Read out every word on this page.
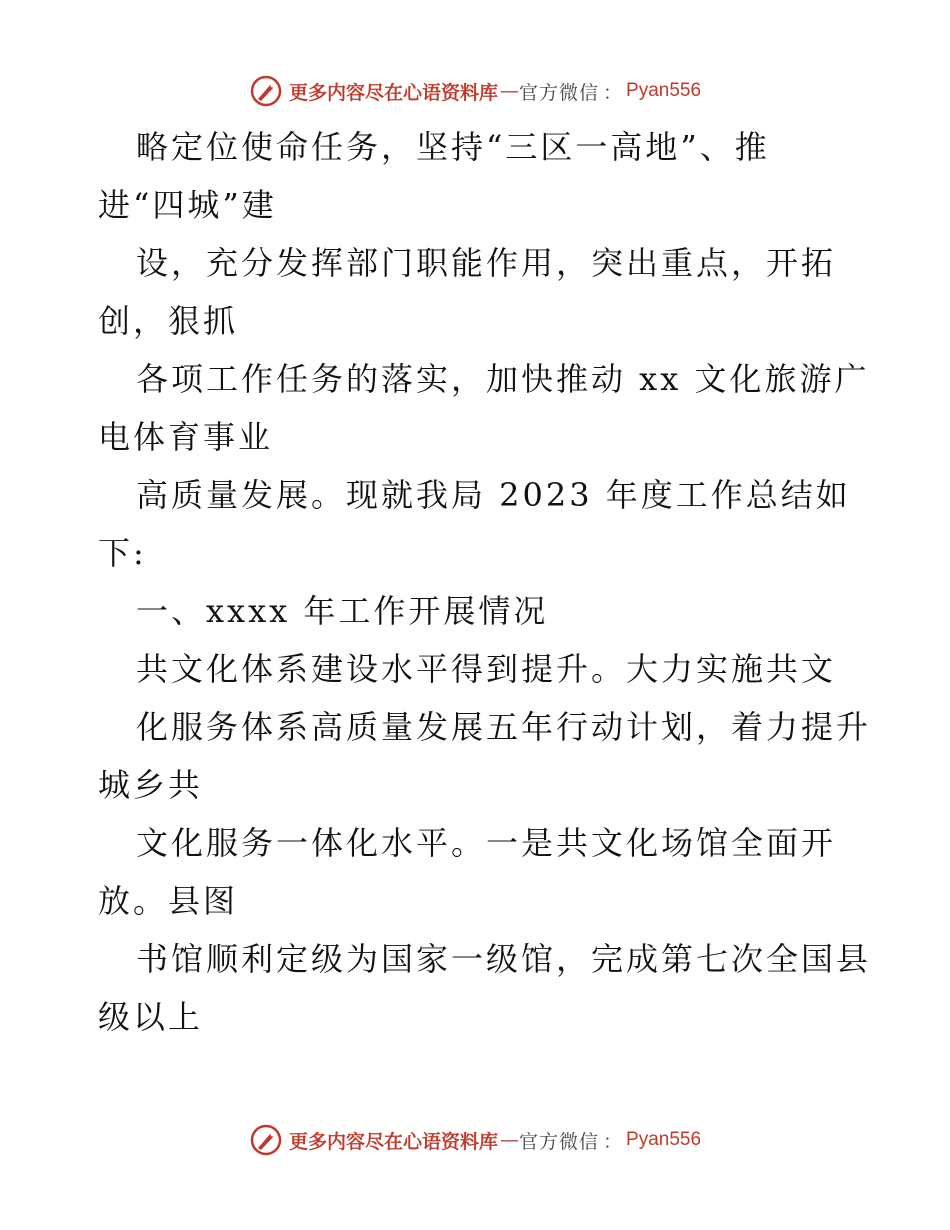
更多内容尽在心语资料库 — 官方微信 ： Pyan556
略定位使命任务，坚持“三区一高地”、推
进“四城”建
设，充分发挥部门职能作用，突出重点，开拓
创，狠抓
各项工作任务的落实，加快推动 xx 文化旅游广
电体育事业
高质量发展。现就我局 2023 年度工作总结如
下:
一、xxxx 年工作开展情况
共文化体系建设水平得到提升。大力实施共文
化服务体系高质量发展五年行动计划，着力提升
城乡共
文化服务一体化水平。一是共文化场馆全面开
放。县图
书馆顺利定级为国家一级馆，完成第七次全国县
级以上
更多内容尽在心语资料库 — 官方微信 ： Pyan556
